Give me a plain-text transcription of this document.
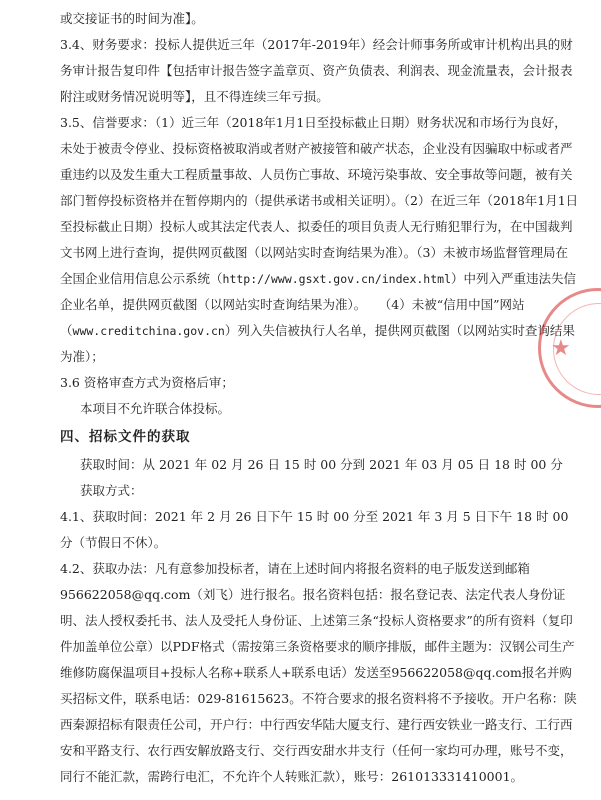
或交接证书的时间为准】。

3.4、财务要求：投标人提供近三年（2017年-2019年）经会计师事务所或审计机构出具的财务审计报告复印件【包括审计报告签字盖章页、资产负债表、利润表、现金流量表，会计报表附注或财务情况说明等】，且不得连续三年亏损。

3.5、信誉要求：（1）近三年（2018年1月1日至投标截止日期）财务状况和市场行为良好，未处于被责令停业、投标资格被取消或者财产被接管和破产状态，企业没有因骗取中标或者严重违约以及发生重大工程质量事故、人员伤亡事故、环境污染事故、安全事故等问题，被有关部门暂停投标资格并在暂停期内的（提供承诺书或相关证明）。（2）在近三年（2018年1月1日至投标截止日期）投标人或其法定代表人、拟委任的项目负责人无行贿犯罪行为，在中国裁判文书网上进行查询，提供网页截图（以网站实时查询结果为准）。（3）未被市场监督管理局在全国企业信用信息公示系统（http://www.gsxt.gov.cn/index.html）中列入严重违法失信企业名单，提供网页截图（以网站实时查询结果为准）。　　（4）未被“信用中国”网站（www.creditchina.gov.cn）列入失信被执行人名单，提供网页截图（以网站实时查询结果为准）；

3.6 资格审查方式为资格后审；

本项目不允许联合体投标。

四、招标文件的获取

获取时间：从 2021 年 02 月 26 日 15 时 00 分到 2021 年 03 月 05 日 18 时 00 分

获取方式：

4.1、获取时间：2021 年 2 月 26 日下午 15 时 00 分至 2021 年 3 月 5 日下午 18 时 00 分（节假日不休）。

4.2、获取办法：凡有意参加投标者，请在上述时间内将报名资料的电子版发送到邮箱956622058@qq.com（刘飞）进行报名。报名资料包括：报名登记表、法定代表人身份证明、法人授权委托书、法人及受托人身份证、上述第三条“投标人资格要求”的所有资料（复印件加盖单位公章）以PDF格式（需按第三条资格要求的顺序排版，邮件主题为：汉钢公司生产维修防腐保温项目+投标人名称+联系人+联系电话）发送至956622058@qq.com报名并购买招标文件，联系电话：029-81615623。不符合要求的报名资料将不予接收。开户名称：陕西秦源招标有限责任公司，开户行：中行西安华陆大厦支行、建行西安铁业一路支行、工行西安和平路支行、农行西安解放路支行、交行西安甜水井支行（任何一家均可办理，账号不变，同行不能汇款，需跨行电汇，不允许个人转账汇款），账号：261013331410001。

★
